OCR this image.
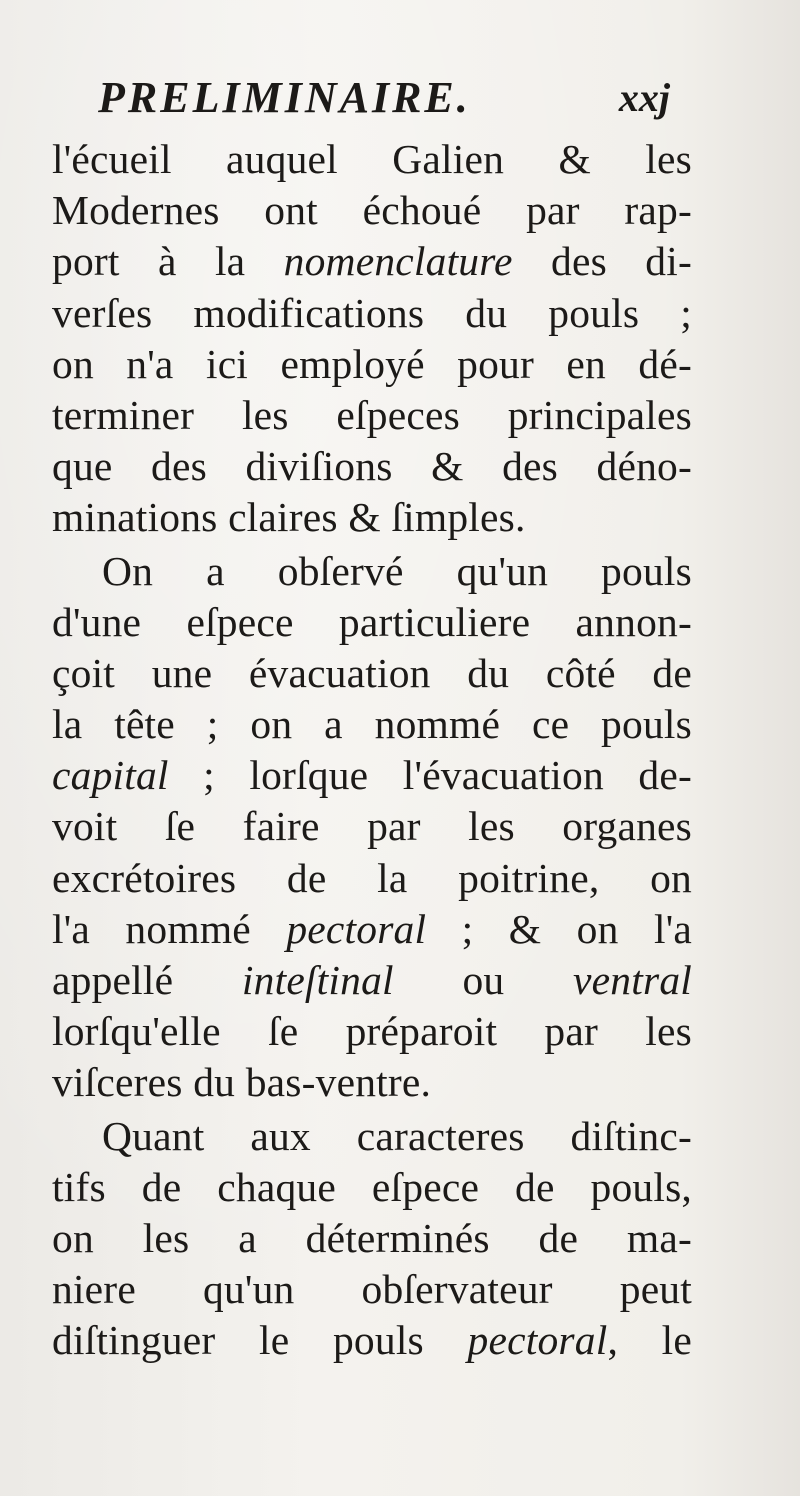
PRELIMINAIRE.	xxj
l'écueil auquel Galien & les
Modernes ont échoué par rap-
port à la nomenclature des di-
verſes modifications du pouls ;
on n'a ici employé pour en dé-
terminer les eſpeces principales
que des diviſions & des déno-
minations claires & ſimples.
On a obſervé qu'un pouls
d'une eſpece particuliere annon-
çoit une évacuation du côté de
la tête ; on a nommé ce pouls
capital ; lorſque l'évacuation de-
voit ſe faire par les organes
excrétoires de la poitrine, on
l'a nommé pectoral ; & on l'a
appellé inteſtinal ou ventral
lorſqu'elle ſe préparoit par les
viſceres du bas-ventre.
Quant aux caracteres diſtinc-
tifs de chaque eſpece de pouls,
on les a déterminés de ma-
niere qu'un obſervateur peut
diſtinguer le pouls pectoral, le
